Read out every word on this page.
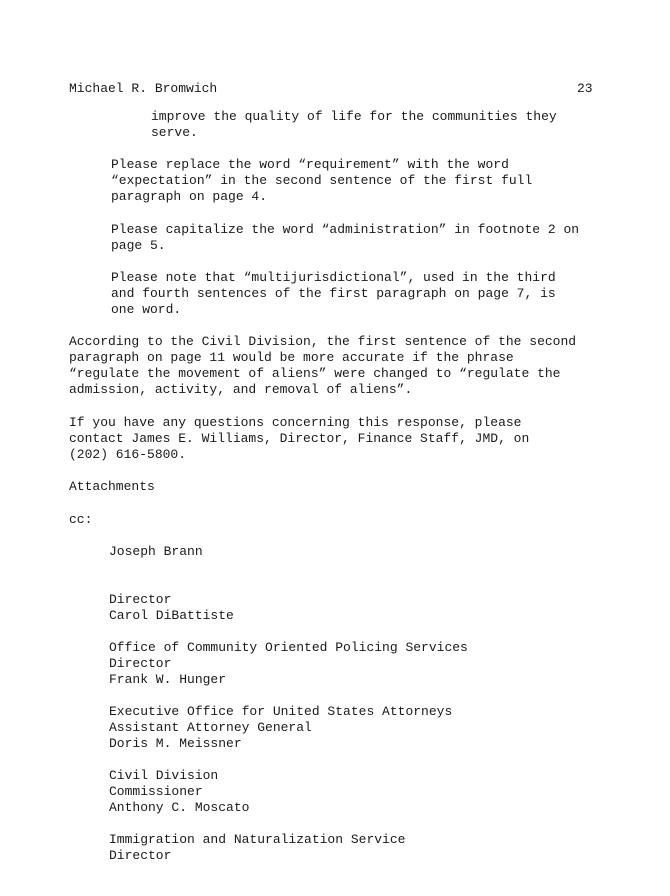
Michael R. Bromwich	23
improve the quality of life for the communities they
serve.
Please replace the word “requirement” with the word
“expectation” in the second sentence of the first full
paragraph on page 4.
Please capitalize the word “administration” in footnote 2 on
page 5.
Please note that “multijurisdictional”, used in the third
and fourth sentences of the first paragraph on page 7, is
one word.
According to the Civil Division, the first sentence of the second
paragraph on page 11 would be more accurate if the phrase
“regulate the movement of aliens” were changed to “regulate the
admission, activity, and removal of aliens”.
If you have any questions concerning this response, please
contact James E. Williams, Director, Finance Staff, JMD, on
(202) 616-5800.
Attachments
cc:

Joseph Brann

Director

Office of Community Oriented Policing Services

Carol DiBattiste

Director

Executive Office for United States Attorneys

Frank W. Hunger

Assistant Attorney General

Civil Division

Doris M. Meissner

Commissioner

Immigration and Naturalization Service

Anthony C. Moscato

Director
